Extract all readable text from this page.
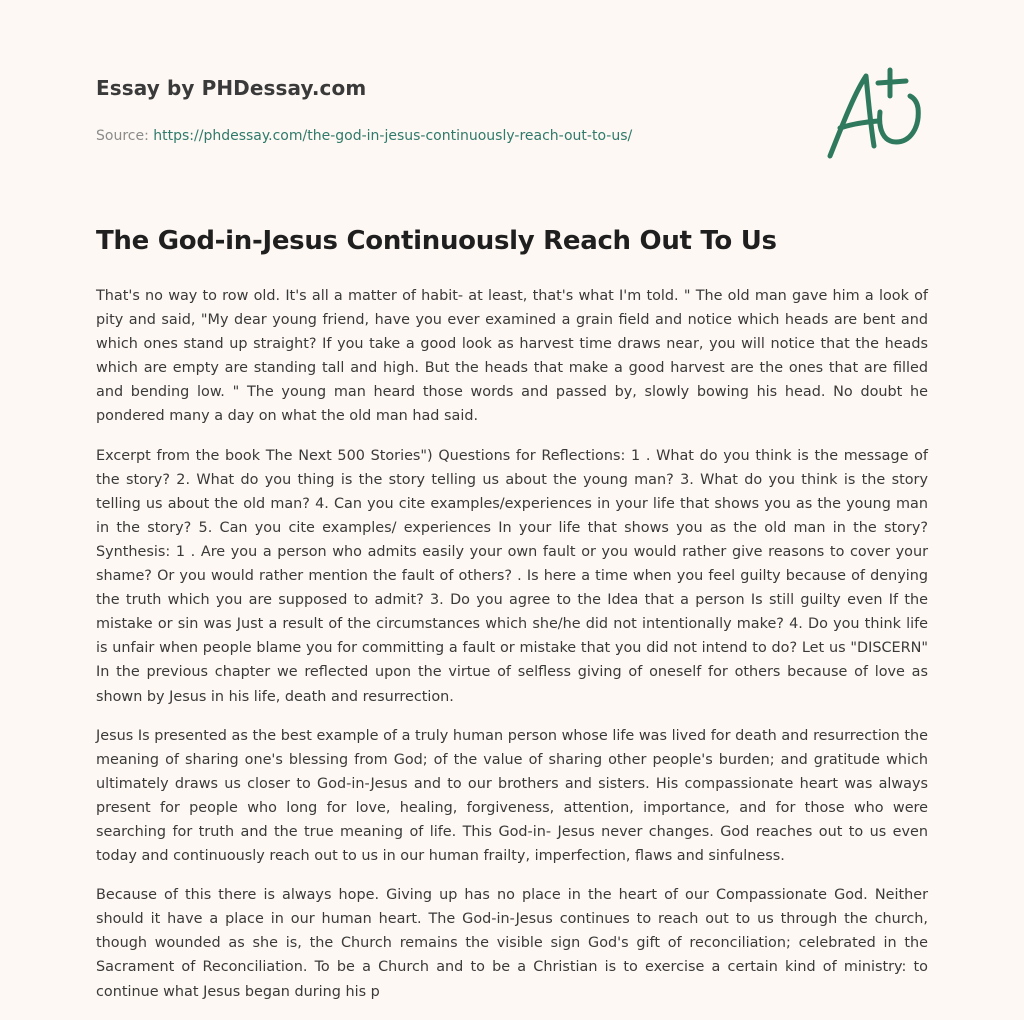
Essay by PHDessay.com
Source: https://phdessay.com/the-god-in-jesus-continuously-reach-out-to-us/
The God-in-Jesus Continuously Reach Out To Us

That's no way to row old. It's all a matter of habit- at least, that's what I'm told. " The old man gave him a look of pity and said, "My dear young friend, have you ever examined a grain field and notice which heads are bent and which ones stand up straight? If you take a good look as harvest time draws near, you will notice that the heads which are empty are standing tall and high. But the heads that make a good harvest are the ones that are filled and bending low. " The young man heard those words and passed by, slowly bowing his head. No doubt he pondered many a day on what the old man had said.

Excerpt from the book The Next 500 Stories") Questions for Reflections: 1 . What do you think is the message of the story? 2. What do you thing is the story telling us about the young man? 3. What do you think is the story telling us about the old man? 4. Can you cite examples/experiences in your life that shows you as the young man in the story? 5. Can you cite examples/ experiences In your life that shows you as the old man in the story? Synthesis: 1 . Are you a person who admits easily your own fault or you would rather give reasons to cover your shame? Or you would rather mention the fault of others? . Is here a time when you feel guilty because of denying the truth which you are supposed to admit? 3. Do you agree to the Idea that a person Is still guilty even If the mistake or sin was Just a result of the circumstances which she/he did not intentionally make? 4. Do you think life is unfair when people blame you for committing a fault or mistake that you did not intend to do? Let us "DISCERN" In the previous chapter we reflected upon the virtue of selfless giving of oneself for others because of love as shown by Jesus in his life, death and resurrection.

Jesus Is presented as the best example of a truly human person whose life was lived for death and resurrection the meaning of sharing one's blessing from God; of the value of sharing other people's burden; and gratitude which ultimately draws us closer to God-in-Jesus and to our brothers and sisters. His compassionate heart was always present for people who long for love, healing, forgiveness, attention, importance, and for those who were searching for truth and the true meaning of life. This God-in- Jesus never changes. God reaches out to us even today and continuously reach out to us in our human frailty, imperfection, flaws and sinfulness.

Because of this there is always hope. Giving up has no place in the heart of our Compassionate God. Neither should it have a place in our human heart. The God-in-Jesus continues to reach out to us through the church, though wounded as she is, the Church remains the visible sign God's gift of reconciliation; celebrated in the Sacrament of Reconciliation. To be a Church and to be a Christian is to exercise a certain kind of ministry: to continue what Jesus began during his p
